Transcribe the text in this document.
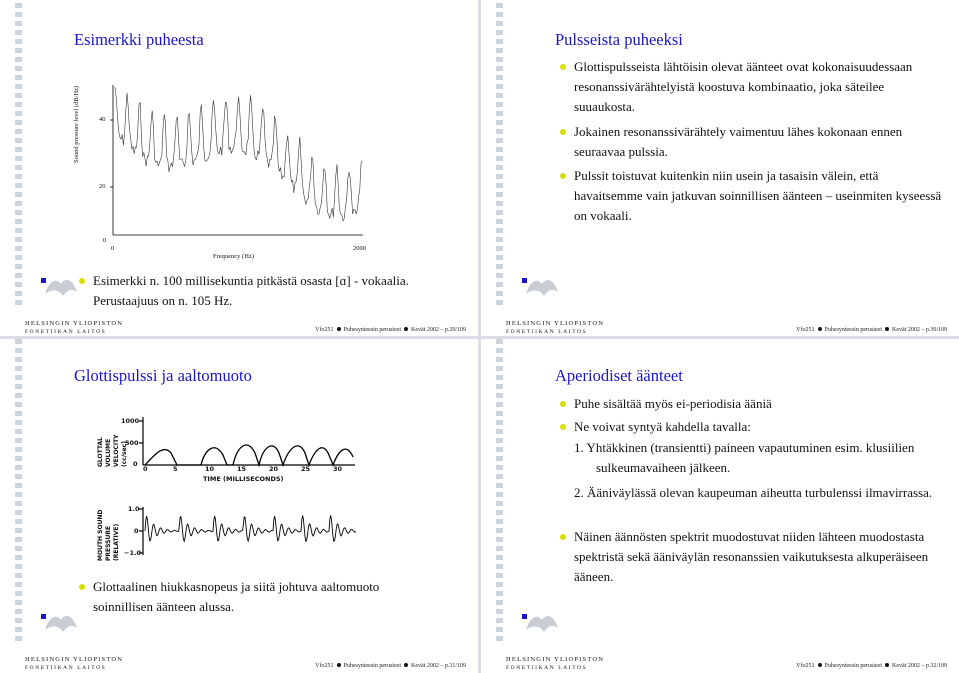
Esimerkki puheesta
Sound pressure level (dB/Hz)	40
20
0
0	2000
Frequency (Hz)
Esimerkki n. 100 millisekuntia pitkästä osasta [ɑ] - vokaalia. Perustaajuus on n. 105 Hz.
HELSINGIN YLIOPISTON
FONETIIKAN LAITOS	Vfo251 Puhesynteesin perusteet Kevät 2002 – p.29/109
Pulsseista puheeksi
Glottispulsseista lähtöisin olevat äänteet ovat kokonaisuudessaan resonanssivärähtelyistä koostuva kombinaatio, joka säteilee suuaukosta.
Jokainen resonanssivärähtely vaimentuu lähes kokonaan ennen seuraavaa pulssia.
Pulssit toistuvat kuitenkin niin usein ja tasaisin välein, että havaitsemme vain jatkuvan soinnillisen äänteen – useinmiten kyseessä on vokaali.
HELSINGIN YLIOPISTON
FONETIIKAN LAITOS	Vfo251 Puhesynteesin perusteet Kevät 2002 – p.30/109
Glottispulssi ja aaltomuoto
GLOTTAL VOLUME VELOCITY (cc/sec)
1000
500
0
0	5	10	15	20	25	30
TIME (MILLISECONDS)
MOUTH SOUND PRESSURE (RELATIVE)
1.0
0
−1.0
Glottaalinen hiukkasnopeus ja siitä johtuva aaltomuoto soinnillisen äänteen alussa.
HELSINGIN YLIOPISTON
FONETIIKAN LAITOS	Vfo251 Puhesynteesin perusteet Kevät 2002 – p.31/109
Aperiodiset äänteet
Puhe sisältää myös ei-periodisia ääniä
Ne voivat syntyä kahdella tavalla:
1. Yhtäkkinen (transientti) paineen vapautuminen esim. klusiilien sulkeumavaiheen jälkeen.
2. Ääniväylässä olevan kaupeuman aiheutta turbulenssi ilmavirrassa.
Näinen äännösten spektrit muodostuvat niiden lähteen muodostasta spektristä sekä ääniväylän resonanssien vaikutuksesta alkuperäiseen ääneen.
HELSINGIN YLIOPISTON
FONETIIKAN LAITOS	Vfo251 Puhesynteesin perusteet Kevät 2002 – p.32/109
